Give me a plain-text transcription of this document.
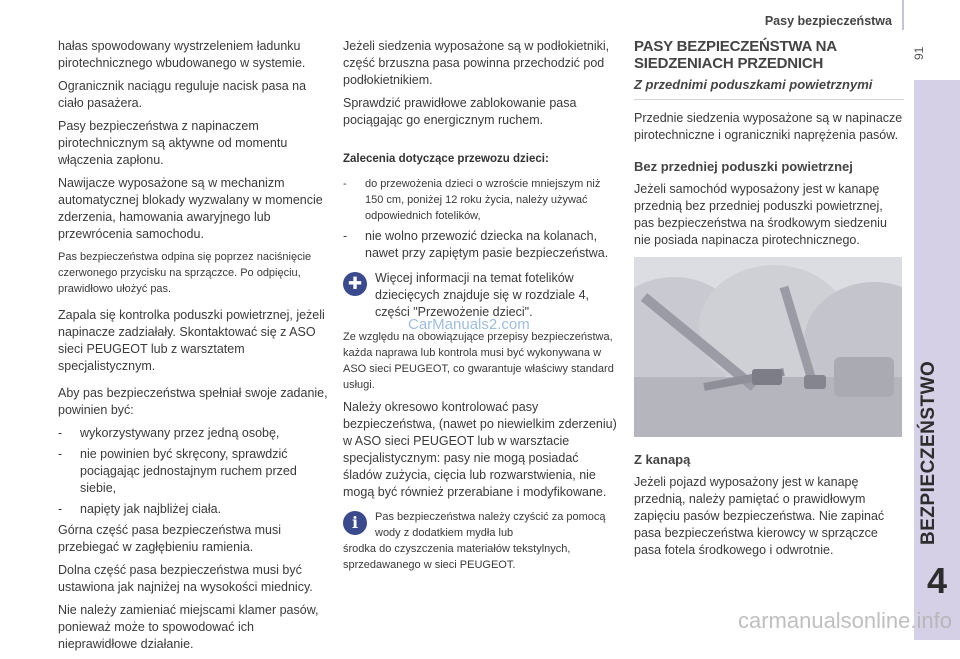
Pasy bezpieczeństwa
91
BEZPIECZEŃSTWO
4

hałas spowodowany wystrzeleniem ładunku pirotechnicznego wbudowanego w systemie.

Ogranicznik naciągu reguluje nacisk pasa na ciało pasażera.

Pasy bezpieczeństwa z napinaczem pirotechnicznym są aktywne od momentu włączenia zapłonu.

Nawijacze wyposażone są w mechanizm automatycznej blokady wyzwalany w momencie zderzenia, hamowania awaryjnego lub przewrócenia samochodu.

Pas bezpieczeństwa odpina się poprzez naciśnięcie czerwonego przycisku na sprzączce. Po odpięciu, prawidłowo ułożyć pas.

Zapala się kontrolka poduszki powietrznej, jeżeli napinacze zadziałały. Skontaktować się z ASO sieci PEUGEOT lub z warsztatem specjalistycznym.

Aby pas bezpieczeństwa spełniał swoje zadanie, powinien być:

- wykorzystywany przez jedną osobę,
- nie powinien być skręcony, sprawdzić pociągając jednostajnym ruchem przed siebie,
- napięty jak najbliżej ciała.

Górna część pasa bezpieczeństwa musi przebiegać w zagłębieniu ramienia.

Dolna część pasa bezpieczeństwa musi być ustawiona jak najniżej na wysokości miednicy.

Nie należy zamieniać miejscami klamer pasów, ponieważ może to spowodować ich nieprawidłowe działanie.

Jeżeli siedzenia wyposażone są w podłokietniki, część brzuszna pasa powinna przechodzić pod podłokietnikiem.

Sprawdzić prawidłowe zablokowanie pasa pociągając go energicznym ruchem.

Zalecenia dotyczące przewozu dzieci:
- do przewożenia dzieci o wzroście mniejszym niż 150 cm, poniżej 12 roku życia, należy używać odpowiednich fotelików,
- nie wolno przewozić dziecka na kolanach, nawet przy zapiętym pasie bezpieczeństwa.
✚	Więcej informacji na temat fotelików dziecięcych znajduje się w rozdziale 4, części "Przewożenie dzieci".

Ze względu na obowiązujące przepisy bezpieczeństwa, każda naprawa lub kontrola musi być wykonywana w ASO sieci PEUGEOT, co gwarantuje właściwy standard usługi.

Należy okresowo kontrolować pasy bezpieczeństwa, (nawet po niewielkim zderzeniu) w ASO sieci PEUGEOT lub w warsztacie specjalistycznym: pasy nie mogą posiadać śladów zużycia, cięcia lub rozwarstwienia, nie mogą być również przerabiane i modyfikowane.

i	Pas bezpieczeństwa należy czyścić za pomocą wody z dodatkiem mydła lub
środka do czyszczenia materiałów tekstylnych, sprzedawanego w sieci PEUGEOT.
PASY BEZPIECZEŃSTWA NA SIEDZENIACH PRZEDNICH
Z przednimi poduszkami powietrznymi

Przednie siedzenia wyposażone są w napinacze pirotechniczne i ograniczniki naprężenia pasów.

Bez przedniej poduszki powietrznej

Jeżeli samochód wyposażony jest w kanapę przednią bez przedniej poduszki powietrznej, pas bezpieczeństwa na środkowym siedzeniu nie posiada napinacza pirotechnicznego.

Z kanapą

Jeżeli pojazd wyposażony jest w kanapę przednią, należy pamiętać o prawidłowym zapięciu pasów bezpieczeństwa. Nie zapinać pasa bezpieczeństwa kierowcy w sprzączce pasa fotela środkowego i odwrotnie.

CarManuals2.com
carmanualsonline.info
